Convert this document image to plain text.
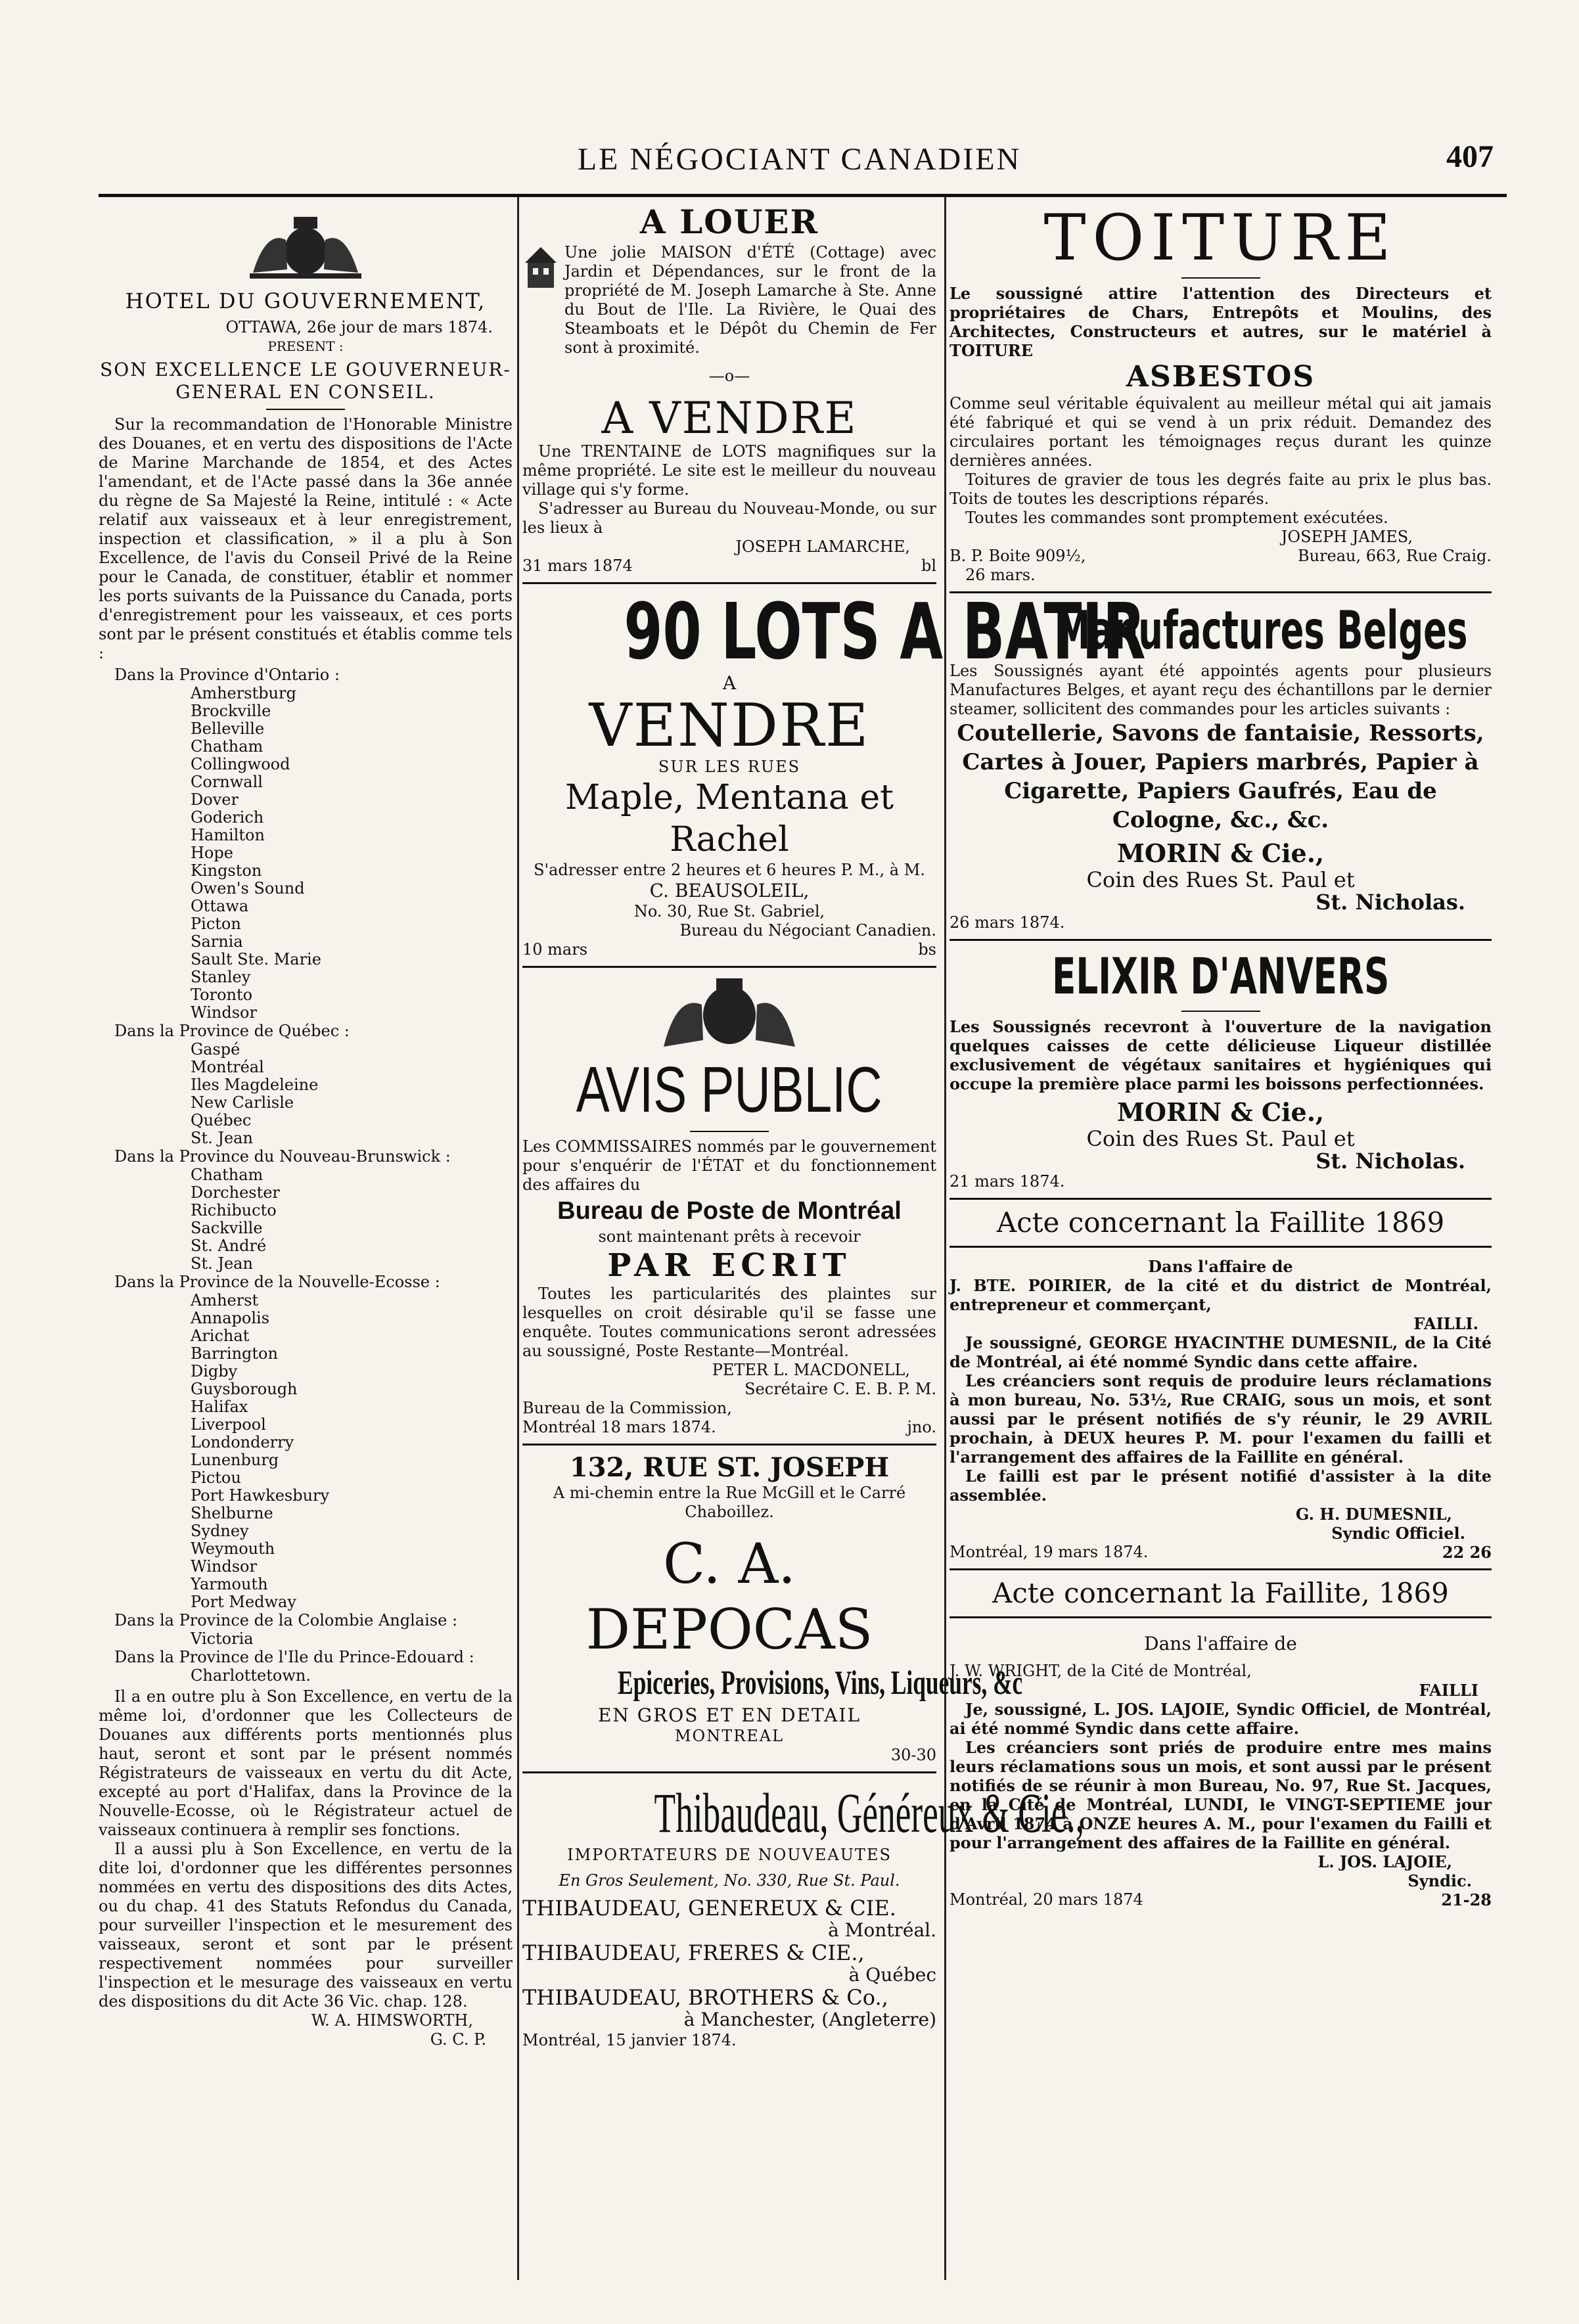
LE NÉGOCIANT CANADIEN	407

HOTEL DU GOUVERNEMENT,

OTTAWA, 26e jour de mars 1874.

PRESENT :

SON EXCELLENCE LE GOUVERNEUR-GENERAL EN CONSEIL.

Sur la recommandation de l'Honorable Ministre des Douanes, et en vertu des dispositions de l'Acte de Marine Marchande de 1854, et des Actes l'amendant, et de l'Acte passé dans la 36e année du règne de Sa Majesté la Reine, intitulé : « Acte relatif aux vaisseaux et à leur enregistrement, inspection et classification, » il a plu à Son Excellence, de l'avis du Conseil Privé de la Reine pour le Canada, de constituer, établir et nommer les ports suivants de la Puissance du Canada, ports d'enregistrement pour les vaisseaux, et ces ports sont par le présent constitués et établis comme tels :

Dans la Province d'Ontario :

Amherstburg
Brockville
Belleville
Chatham
Collingwood
Cornwall
Dover
Goderich
Hamilton
Hope
Kingston
Owen's Sound
Ottawa
Picton
Sarnia
Sault Ste. Marie
Stanley
Toronto
Windsor

Dans la Province de Québec :

Gaspé
Montréal
Iles Magdeleine
New Carlisle
Québec
St. Jean

Dans la Province du Nouveau-Brunswick :

Chatham
Dorchester
Richibucto
Sackville
St. André
St. Jean

Dans la Province de la Nouvelle-Ecosse :

Amherst
Annapolis
Arichat
Barrington
Digby
Guysborough
Halifax
Liverpool
Londonderry
Lunenburg
Pictou
Port Hawkesbury
Shelburne
Sydney
Weymouth
Windsor
Yarmouth
Port Medway

Dans la Province de la Colombie Anglaise :

Victoria

Dans la Province de l'Ile du Prince-Edouard :

Charlottetown.

Il a en outre plu à Son Excellence, en vertu de la même loi, d'ordonner que les Collecteurs de Douanes aux différents ports mentionnés plus haut, seront et sont par le présent nommés Régistrateurs de vaisseaux en vertu du dit Acte, excepté au port d'Halifax, dans la Province de la Nouvelle-Ecosse, où le Régistrateur actuel de vaisseaux continuera à remplir ses fonctions.

Il a aussi plu à Son Excellence, en vertu de la dite loi, d'ordonner que les différentes personnes nommées en vertu des dispositions des dits Actes, ou du chap. 41 des Statuts Refondus du Canada, pour surveiller l'inspection et le mesurement des vaisseaux, seront et sont par le présent respectivement nommées pour surveiller l'inspection et le mesurage des vaisseaux en vertu des dispositions du dit Acte 36 Vic. chap. 128.

W. A. HIMSWORTH,

G. C. P.

A LOUER

Une jolie MAISON d'ÉTÉ (Cottage) avec Jardin et Dépendances, sur le front de la propriété de M. Joseph Lamarche à Ste. Anne du Bout de l'Ile. La Rivière, le Quai des Steamboats et le Dépôt du Chemin de Fer sont à proximité.

—o—

A VENDRE

Une TRENTAINE de LOTS magnifiques sur la même propriété. Le site est le meilleur du nouveau village qui s'y forme.

S'adresser au Bureau du Nouveau-Monde, ou sur les lieux à

JOSEPH LAMARCHE,

31 mars 1874	bl
90 LOTS A BATIR

A

VENDRE

SUR LES RUES

Maple, Mentana et Rachel

S'adresser entre 2 heures et 6 heures P. M., à M.

C. BEAUSOLEIL,

No. 30, Rue St. Gabriel,

Bureau du Négociant Canadien.

10 mars	bs
AVIS PUBLIC

Les COMMISSAIRES nommés par le gouvernement pour s'enquérir de l'ÉTAT et du fonctionnement des affaires du

Bureau de Poste de Montréal

sont maintenant prêts à recevoir

PAR ECRIT

Toutes les particularités des plaintes sur lesquelles on croit désirable qu'il se fasse une enquête. Toutes communications seront adressées au soussigné, Poste Restante—Montréal.

PETER L. MACDONELL,

Secrétaire C. E. B. P. M.

Bureau de la Commission,

Montréal 18 mars 1874.	jno.

132, RUE ST. JOSEPH

A mi-chemin entre la Rue McGill et le Carré Chaboillez.

C. A. DEPOCAS

Epiceries, Provisions, Vins, Liqueurs, &c

EN GROS ET EN DETAIL

MONTREAL

30-30

Thibaudeau, Généreux & Cie.,

IMPORTATEURS DE NOUVEAUTES

En Gros Seulement, No. 330, Rue St. Paul.

THIBAUDEAU, GENEREUX & CIE.

à Montréal.

THIBAUDEAU, FRERES & CIE.,

à Québec

THIBAUDEAU, BROTHERS & Co.,

à Manchester, (Angleterre)

Montréal, 15 janvier 1874.

TOITURE

Le soussigné attire l'attention des Directeurs et propriétaires de Chars, Entrepôts et Moulins, des Architectes, Constructeurs et autres, sur le matériel à TOITURE

ASBESTOS

Comme seul véritable équivalent au meilleur métal qui ait jamais été fabriqué et qui se vend à un prix réduit. Demandez des circulaires portant les témoignages reçus durant les quinze dernières années.

Toitures de gravier de tous les degrés faite au prix le plus bas. Toits de toutes les descriptions réparés.

Toutes les commandes sont promptement exécutées.

JOSEPH JAMES,

B. P. Boite 909½,	Bureau, 663, Rue Craig.

26 mars.

Manufactures Belges

Les Soussignés ayant été appointés agents pour plusieurs Manufactures Belges, et ayant reçu des échantillons par le dernier steamer, sollicitent des commandes pour les articles suivants :

Coutellerie, Savons de fantaisie, Ressorts, Cartes à Jouer, Papiers marbrés, Papier à Cigarette, Papiers Gaufrés, Eau de Cologne, &c., &c.

MORIN & Cie.,

Coin des Rues St. Paul et

St. Nicholas.

26 mars 1874.

ELIXIR D'ANVERS

Les Soussignés recevront à l'ouverture de la navigation quelques caisses de cette délicieuse Liqueur distillée exclusivement de végétaux sanitaires et hygiéniques qui occupe la première place parmi les boissons perfectionnées.

MORIN & Cie.,

Coin des Rues St. Paul et

St. Nicholas.

21 mars 1874.

Acte concernant la Faillite 1869

Dans l'affaire de

J. BTE. POIRIER, de la cité et du district de Montréal, entrepreneur et commerçant,

FAILLI.

Je soussigné, GEORGE HYACINTHE DUMESNIL, de la Cité de Montréal, ai été nommé Syndic dans cette affaire.

Les créanciers sont requis de produire leurs réclamations à mon bureau, No. 53½, Rue CRAIG, sous un mois, et sont aussi par le présent notifiés de s'y réunir, le 29 AVRIL prochain, à DEUX heures P. M. pour l'examen du failli et l'arrangement des affaires de la Faillite en général.

Le failli est par le présent notifié d'assister à la dite assemblée.

G. H. DUMESNIL,

Syndic Officiel.

Montréal, 19 mars 1874.	22 26

Acte concernant la Faillite, 1869

Dans l'affaire de

J. W. WRIGHT, de la Cité de Montréal,

FAILLI

Je, soussigné, L. JOS. LAJOIE, Syndic Officiel, de Montréal, ai été nommé Syndic dans cette affaire.

Les créanciers sont priés de produire entre mes mains leurs réclamations sous un mois, et sont aussi par le présent notifiés de se réunir à mon Bureau, No. 97, Rue St. Jacques, en la Cité de Montréal, LUNDI, le VINGT-SEPTIEME jour d'Avril 1874 à ONZE heures A. M., pour l'examen du Failli et pour l'arrangement des affaires de la Faillite en général.

L. JOS. LAJOIE,

Syndic.

Montréal, 20 mars 1874	21-28
